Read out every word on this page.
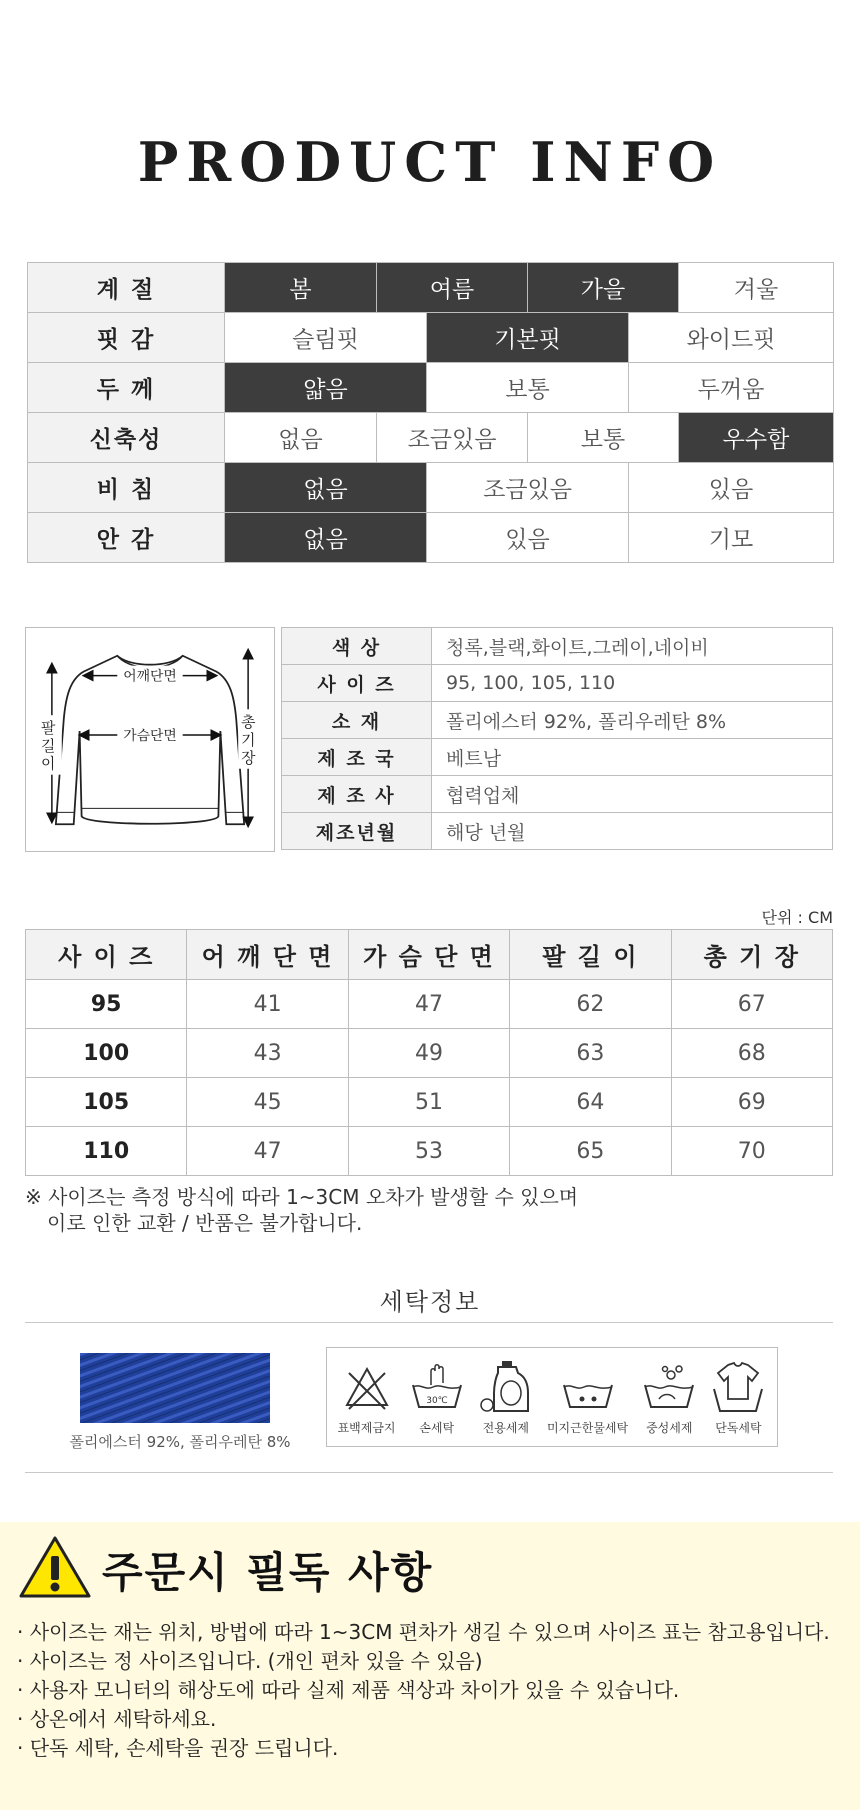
PRODUCT INFO
계 절	봄	여름		가을		겨울
핏 감	슬림핏		기본핏		와이드핏	
두 께	얇음		보통		두꺼움	
신축성	없음	조금있음		보통		우수함
비 침	없음		조금있음		있음	
안 감	없음		있음		기모	
어깨단면
가슴단면
팔
길
이
총
기
장
색 상	청록,블랙,화이트,그레이,네이비
사 이 즈	95, 100, 105, 110
소 재	폴리에스터 92%, 폴리우레탄 8%
제 조 국	베트남
제 조 사	협력업체
제조년월	해당 년월
단위 : CM
사 이 즈	어 깨 단 면	가 슴 단 면	팔 길 이	총 기 장
95	41	47	62	67
100	43	49	63	68
105	45	51	64	69
110	47	53	65	70
※ 사이즈는 측정 방식에 따라 1~3CM 오차가 발생할 수 있으며
이로 인한 교환 / 반품은 불가합니다.
세탁정보
폴리에스터 92%, 폴리우레탄 8%
표백제금지
30℃
손세탁 전용세제 미지근한물세탁 중성세제 단독세탁
주문시 필독 사항
· 사이즈는 재는 위치, 방법에 따라 1~3CM 편차가 생길 수 있으며 사이즈 표는 참고용입니다.
· 사이즈는 정 사이즈입니다. (개인 편차 있을 수 있음)
· 사용자 모니터의 해상도에 따라 실제 제품 색상과 차이가 있을 수 있습니다.
· 상온에서 세탁하세요.
· 단독 세탁, 손세탁을 권장 드립니다.
